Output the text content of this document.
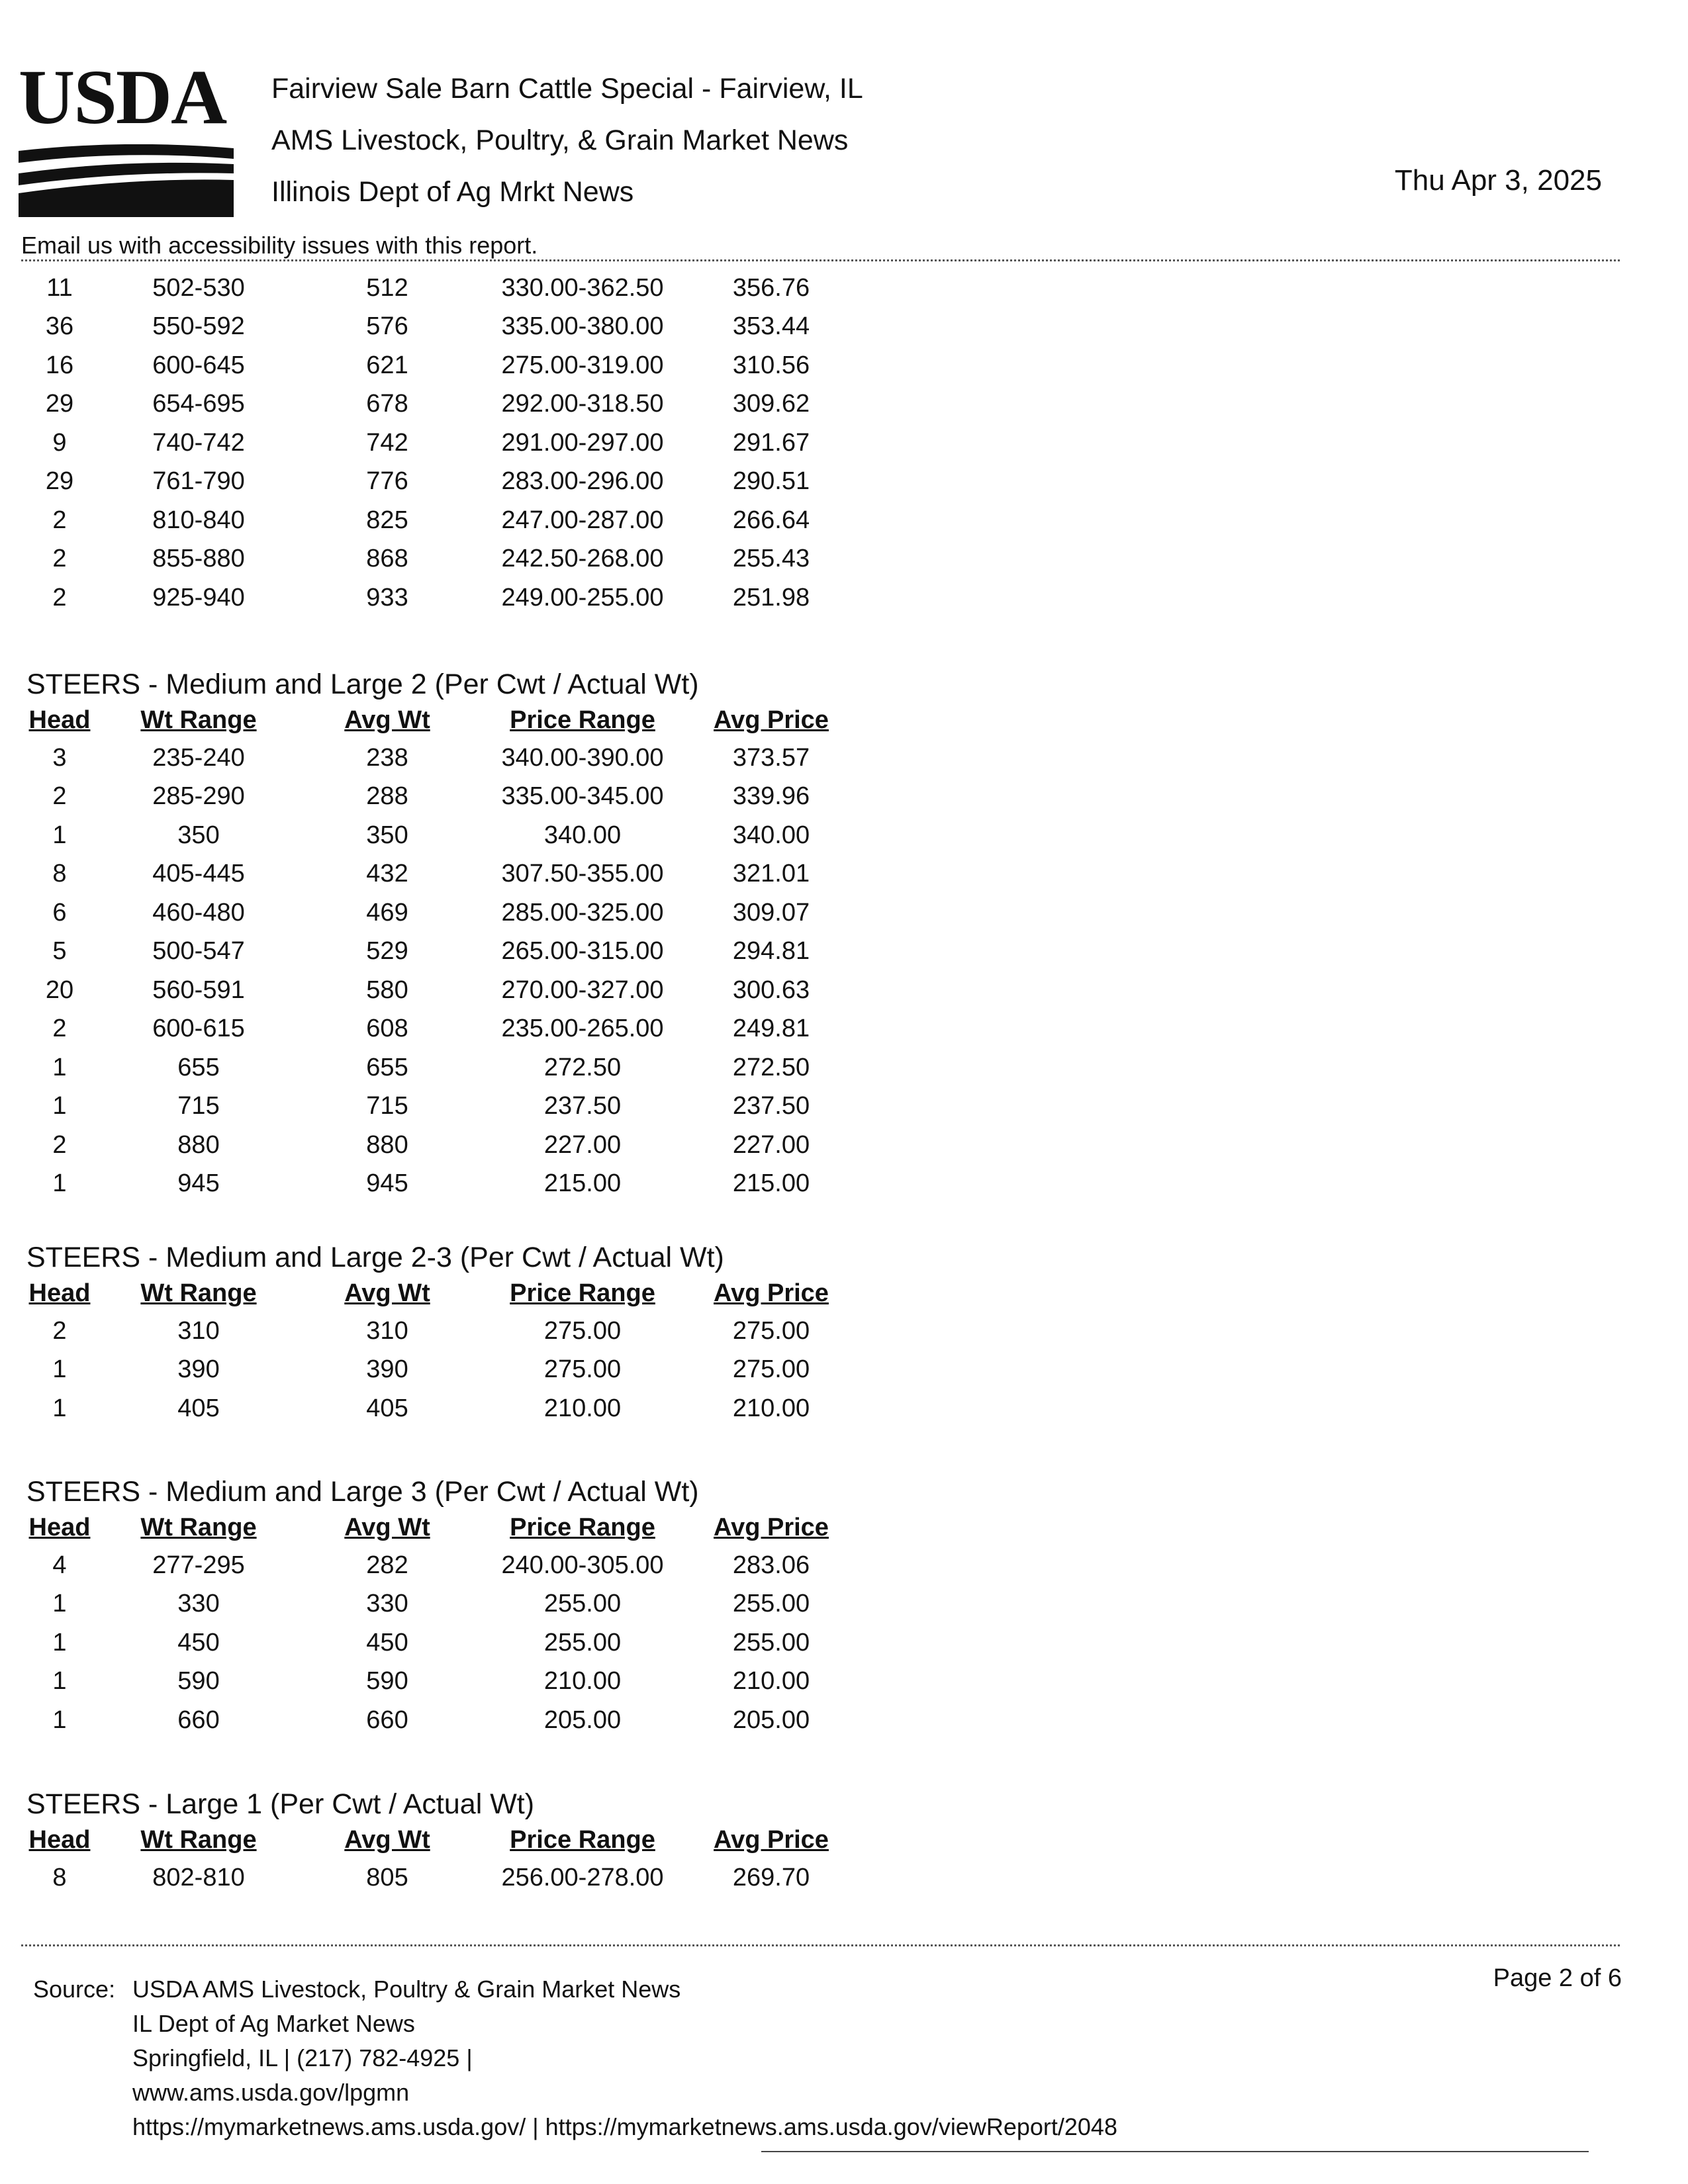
USDA Fairview Sale Barn Cattle Special - Fairview, IL
AMS Livestock, Poultry, & Grain Market News
Illinois Dept of Ag Mrkt News	Thu Apr 3, 2025
Email us with accessibility issues with this report.
11	502-530	512	330.00-362.50	356.76
36	550-592	576	335.00-380.00	353.44
16	600-645	621	275.00-319.00	310.56
29	654-695	678	292.00-318.50	309.62
9	740-742	742	291.00-297.00	291.67
29	761-790	776	283.00-296.00	290.51
2	810-840	825	247.00-287.00	266.64
2	855-880	868	242.50-268.00	255.43
2	925-940	933	249.00-255.00	251.98
STEERS - Medium and Large 2 (Per Cwt / Actual Wt)
Head	Wt Range	Avg Wt	Price Range	Avg Price
3	235-240	238	340.00-390.00	373.57
2	285-290	288	335.00-345.00	339.96
1	350	350	340.00	340.00
8	405-445	432	307.50-355.00	321.01
6	460-480	469	285.00-325.00	309.07
5	500-547	529	265.00-315.00	294.81
20	560-591	580	270.00-327.00	300.63
2	600-615	608	235.00-265.00	249.81
1	655	655	272.50	272.50
1	715	715	237.50	237.50
2	880	880	227.00	227.00
1	945	945	215.00	215.00
STEERS - Medium and Large 2-3 (Per Cwt / Actual Wt)
Head	Wt Range	Avg Wt	Price Range	Avg Price
2	310	310	275.00	275.00
1	390	390	275.00	275.00
1	405	405	210.00	210.00
STEERS - Medium and Large 3 (Per Cwt / Actual Wt)
Head	Wt Range	Avg Wt	Price Range	Avg Price
4	277-295	282	240.00-305.00	283.06
1	330	330	255.00	255.00
1	450	450	255.00	255.00
1	590	590	210.00	210.00
1	660	660	205.00	205.00
STEERS - Large 1 (Per Cwt / Actual Wt)
Head	Wt Range	Avg Wt	Price Range	Avg Price
8	802-810	805	256.00-278.00	269.70
Source: USDA AMS Livestock, Poultry & Grain Market News
IL Dept of Ag Market News
Springfield, IL | (217) 782-4925 |
www.ams.usda.gov/lpgmn
https://mymarketnews.ams.usda.gov/ | https://mymarketnews.ams.usda.gov/viewReport/2048
Page 2 of 6
